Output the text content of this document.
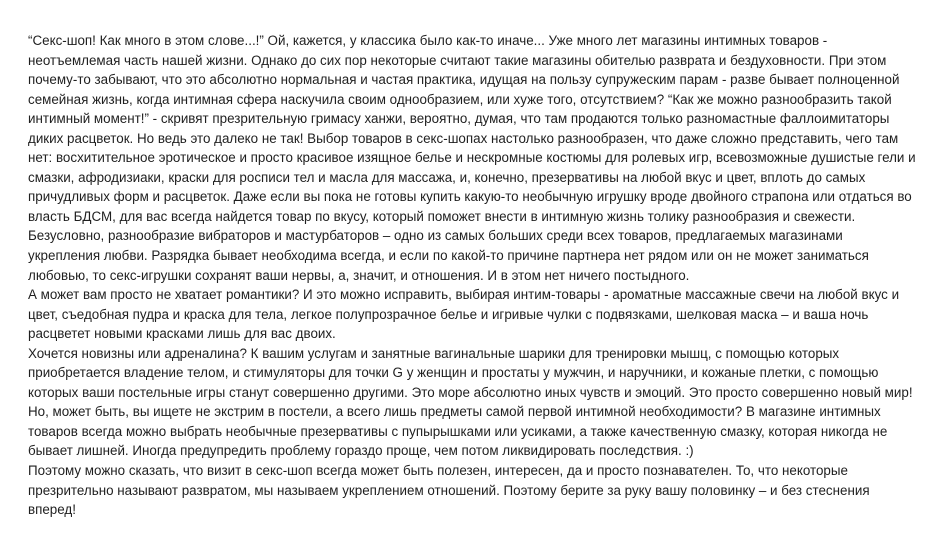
“Секс-шоп! Как много в этом слове...!” Ой, кажется, у классика было как-то иначе... Уже много лет магазины интимных товаров - неотъемлемая часть нашей жизни. Однако до сих пор некоторые считают такие магазины обителью разврата и бездуховности. При этом почему-то забывают, что это абсолютно нормальная и частая практика, идущая на пользу супружеским парам - разве бывает полноценной семейная жизнь, когда интимная сфера наскучила своим однообразием, или хуже того, отсутствием? “Как же можно разнообразить такой интимный момент!” - скривят презрительную гримасу ханжи, вероятно, думая, что там продаются только разномастные фаллоимитаторы диких расцветок. Но ведь это далеко не так! Выбор товаров в секс-шопах настолько разнообразен, что даже сложно представить, чего там нет: восхитительное эротическое и просто красивое изящное белье и нескромные костюмы для ролевых игр, всевозможные душистые гели и смазки, афродизиаки, краски для росписи тел и масла для массажа, и, конечно, презервативы на любой вкус и цвет, вплоть до самых причудливых форм и расцветок. Даже если вы пока не готовы купить какую-то необычную игрушку вроде двойного страпона или отдаться во власть БДСМ, для вас всегда найдется товар по вкусу, который поможет внести в интимную жизнь толику разнообразия и свежести.

Безусловно, разнообразие вибраторов и мастурбаторов – одно из самых больших среди всех товаров, предлагаемых магазинами укрепления любви. Разрядка бывает необходима всегда, и если по какой-то причине партнера нет рядом или он не может заниматься любовью, то секс-игрушки сохранят ваши нервы, а, значит, и отношения. И в этом нет ничего постыдного.

А может вам просто не хватает романтики? И это можно исправить, выбирая интим-товары - ароматные массажные свечи на любой вкус и цвет, съедобная пудра и краска для тела, легкое полупрозрачное белье и игривые чулки с подвязками, шелковая маска – и ваша ночь расцветет новыми красками лишь для вас двоих.

Хочется новизны или адреналина? К вашим услугам и занятные вагинальные шарики для тренировки мышц, с помощью которых приобретается владение телом, и стимуляторы для точки G у женщин и простаты у мужчин, и наручники, и кожаные плетки, с помощью которых ваши постельные игры станут совершенно другими. Это море абсолютно иных чувств и эмоций. Это просто совершенно новый мир!

Но, может быть, вы ищете не экстрим в постели, а всего лишь предметы самой первой интимной необходимости? В магазине интимных товаров всегда можно выбрать необычные презервативы с пупырышками или усиками, а также качественную смазку, которая никогда не бывает лишней. Иногда предупредить проблему гораздо проще, чем потом ликвидировать последствия. :)

Поэтому можно сказать, что визит в секс-шоп всегда может быть полезен, интересен, да и просто познавателен. То, что некоторые презрительно называют развратом, мы называем укреплением отношений. Поэтому берите за руку вашу половинку – и без стеснения вперед!
